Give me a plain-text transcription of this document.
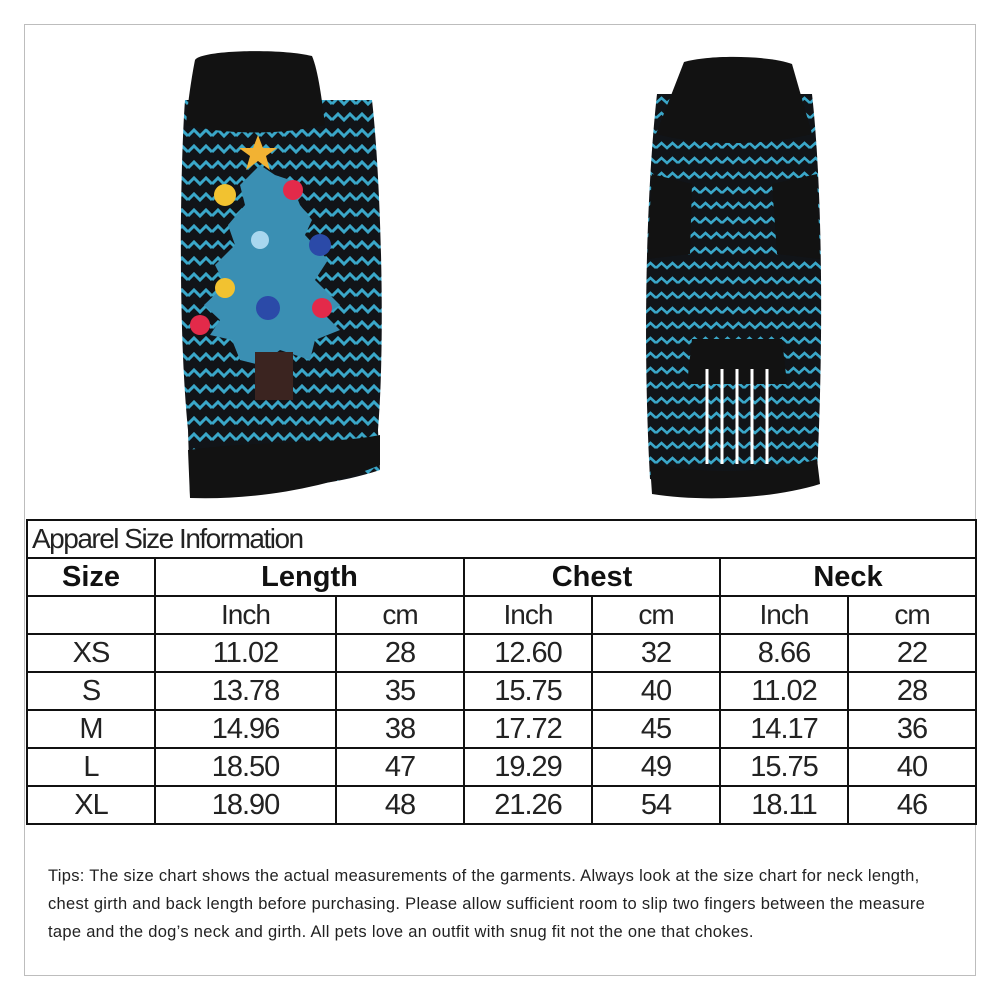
Apparel Size Information						
Size	Length		Chest		Neck	
	Inch	cm	Inch	cm	Inch	cm
XS	11.02	28	12.60	32	8.66	22
S	13.78	35	15.75	40	11.02	28
M	14.96	38	17.72	45	14.17	36
L	18.50	47	19.29	49	15.75	40
XL	18.90	48	21.26	54	18.11	46
Tips: The size chart shows the actual measurements of the garments. Always look at the size chart for neck length, chest girth and back length before purchasing. Please allow sufficient room to slip two fingers between the measure tape and the dog’s neck and girth. All pets love an outfit with snug fit not the one that chokes.
